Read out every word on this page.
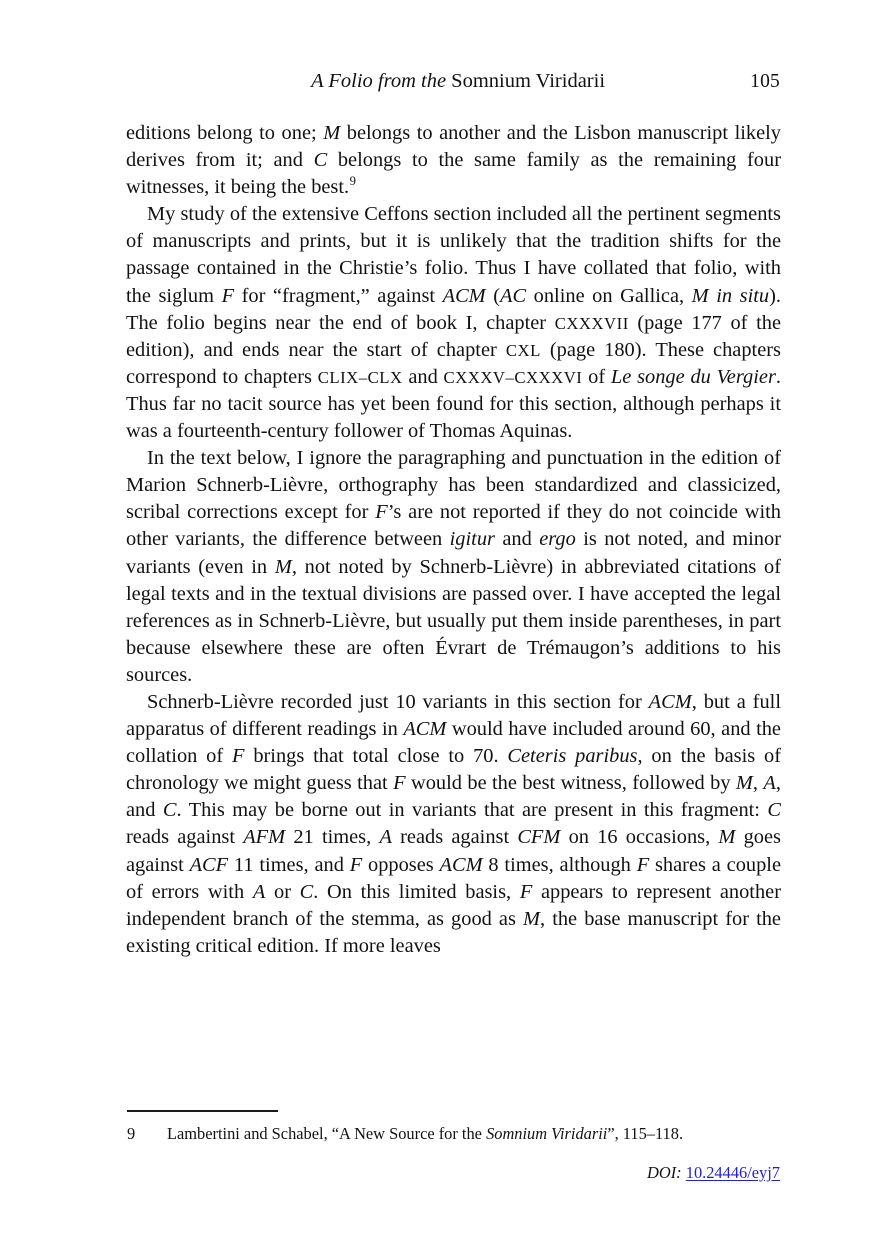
A Folio from the Somnium Viridarii	105

editions belong to one; M belongs to another and the Lisbon manuscript likely derives from it; and C belongs to the same family as the remaining four witnesses, it being the best.$^9$

My study of the extensive Ceffons section included all the pertinent segments of manuscripts and prints, but it is unlikely that the tradition shifts for the passage contained in the Christie’s folio. Thus I have collated that folio, with the siglum F for “fragment,” against ACM (AC online on Gallica, M in situ). The folio begins near the end of book I, chapter CXXXVII (page 177 of the edition), and ends near the start of chapter CXL (page 180). These chapters correspond to chapters CLIX–CLX and CXXXV–CXXXVI of Le songe du Vergier. Thus far no tacit source has yet been found for this section, although perhaps it was a fourteenth-century follower of Thomas Aquinas.

In the text below, I ignore the paragraphing and punctuation in the edition of Marion Schnerb-Lièvre, orthography has been standardized and classicized, scribal corrections except for F’s are not reported if they do not coincide with other variants, the difference between igitur and ergo is not noted, and minor variants (even in M, not noted by Schnerb-Lièvre) in abbreviated citations of legal texts and in the textual divisions are passed over. I have accepted the legal references as in Schnerb-Lièvre, but usually put them inside parentheses, in part because elsewhere these are often Évrart de Trémaugon’s additions to his sources.

Schnerb-Lièvre recorded just 10 variants in this section for ACM, but a full apparatus of different readings in ACM would have included around 60, and the collation of F brings that total close to 70. Ceteris paribus, on the basis of chronology we might guess that F would be the best witness, followed by M, A, and C. This may be borne out in variants that are present in this fragment: C reads against AFM 21 times, A reads against CFM on 16 occasions, M goes against ACF 11 times, and F opposes ACM 8 times, although F shares a couple of errors with A or C. On this limited basis, F appears to represent another independent branch of the stemma, as good as M, the base manuscript for the existing critical edition. If more leaves

9	Lambertini and Schabel, “A New Source for the Somnium Viridarii”, 115–118.
DOI: 10.24446/eyj7
